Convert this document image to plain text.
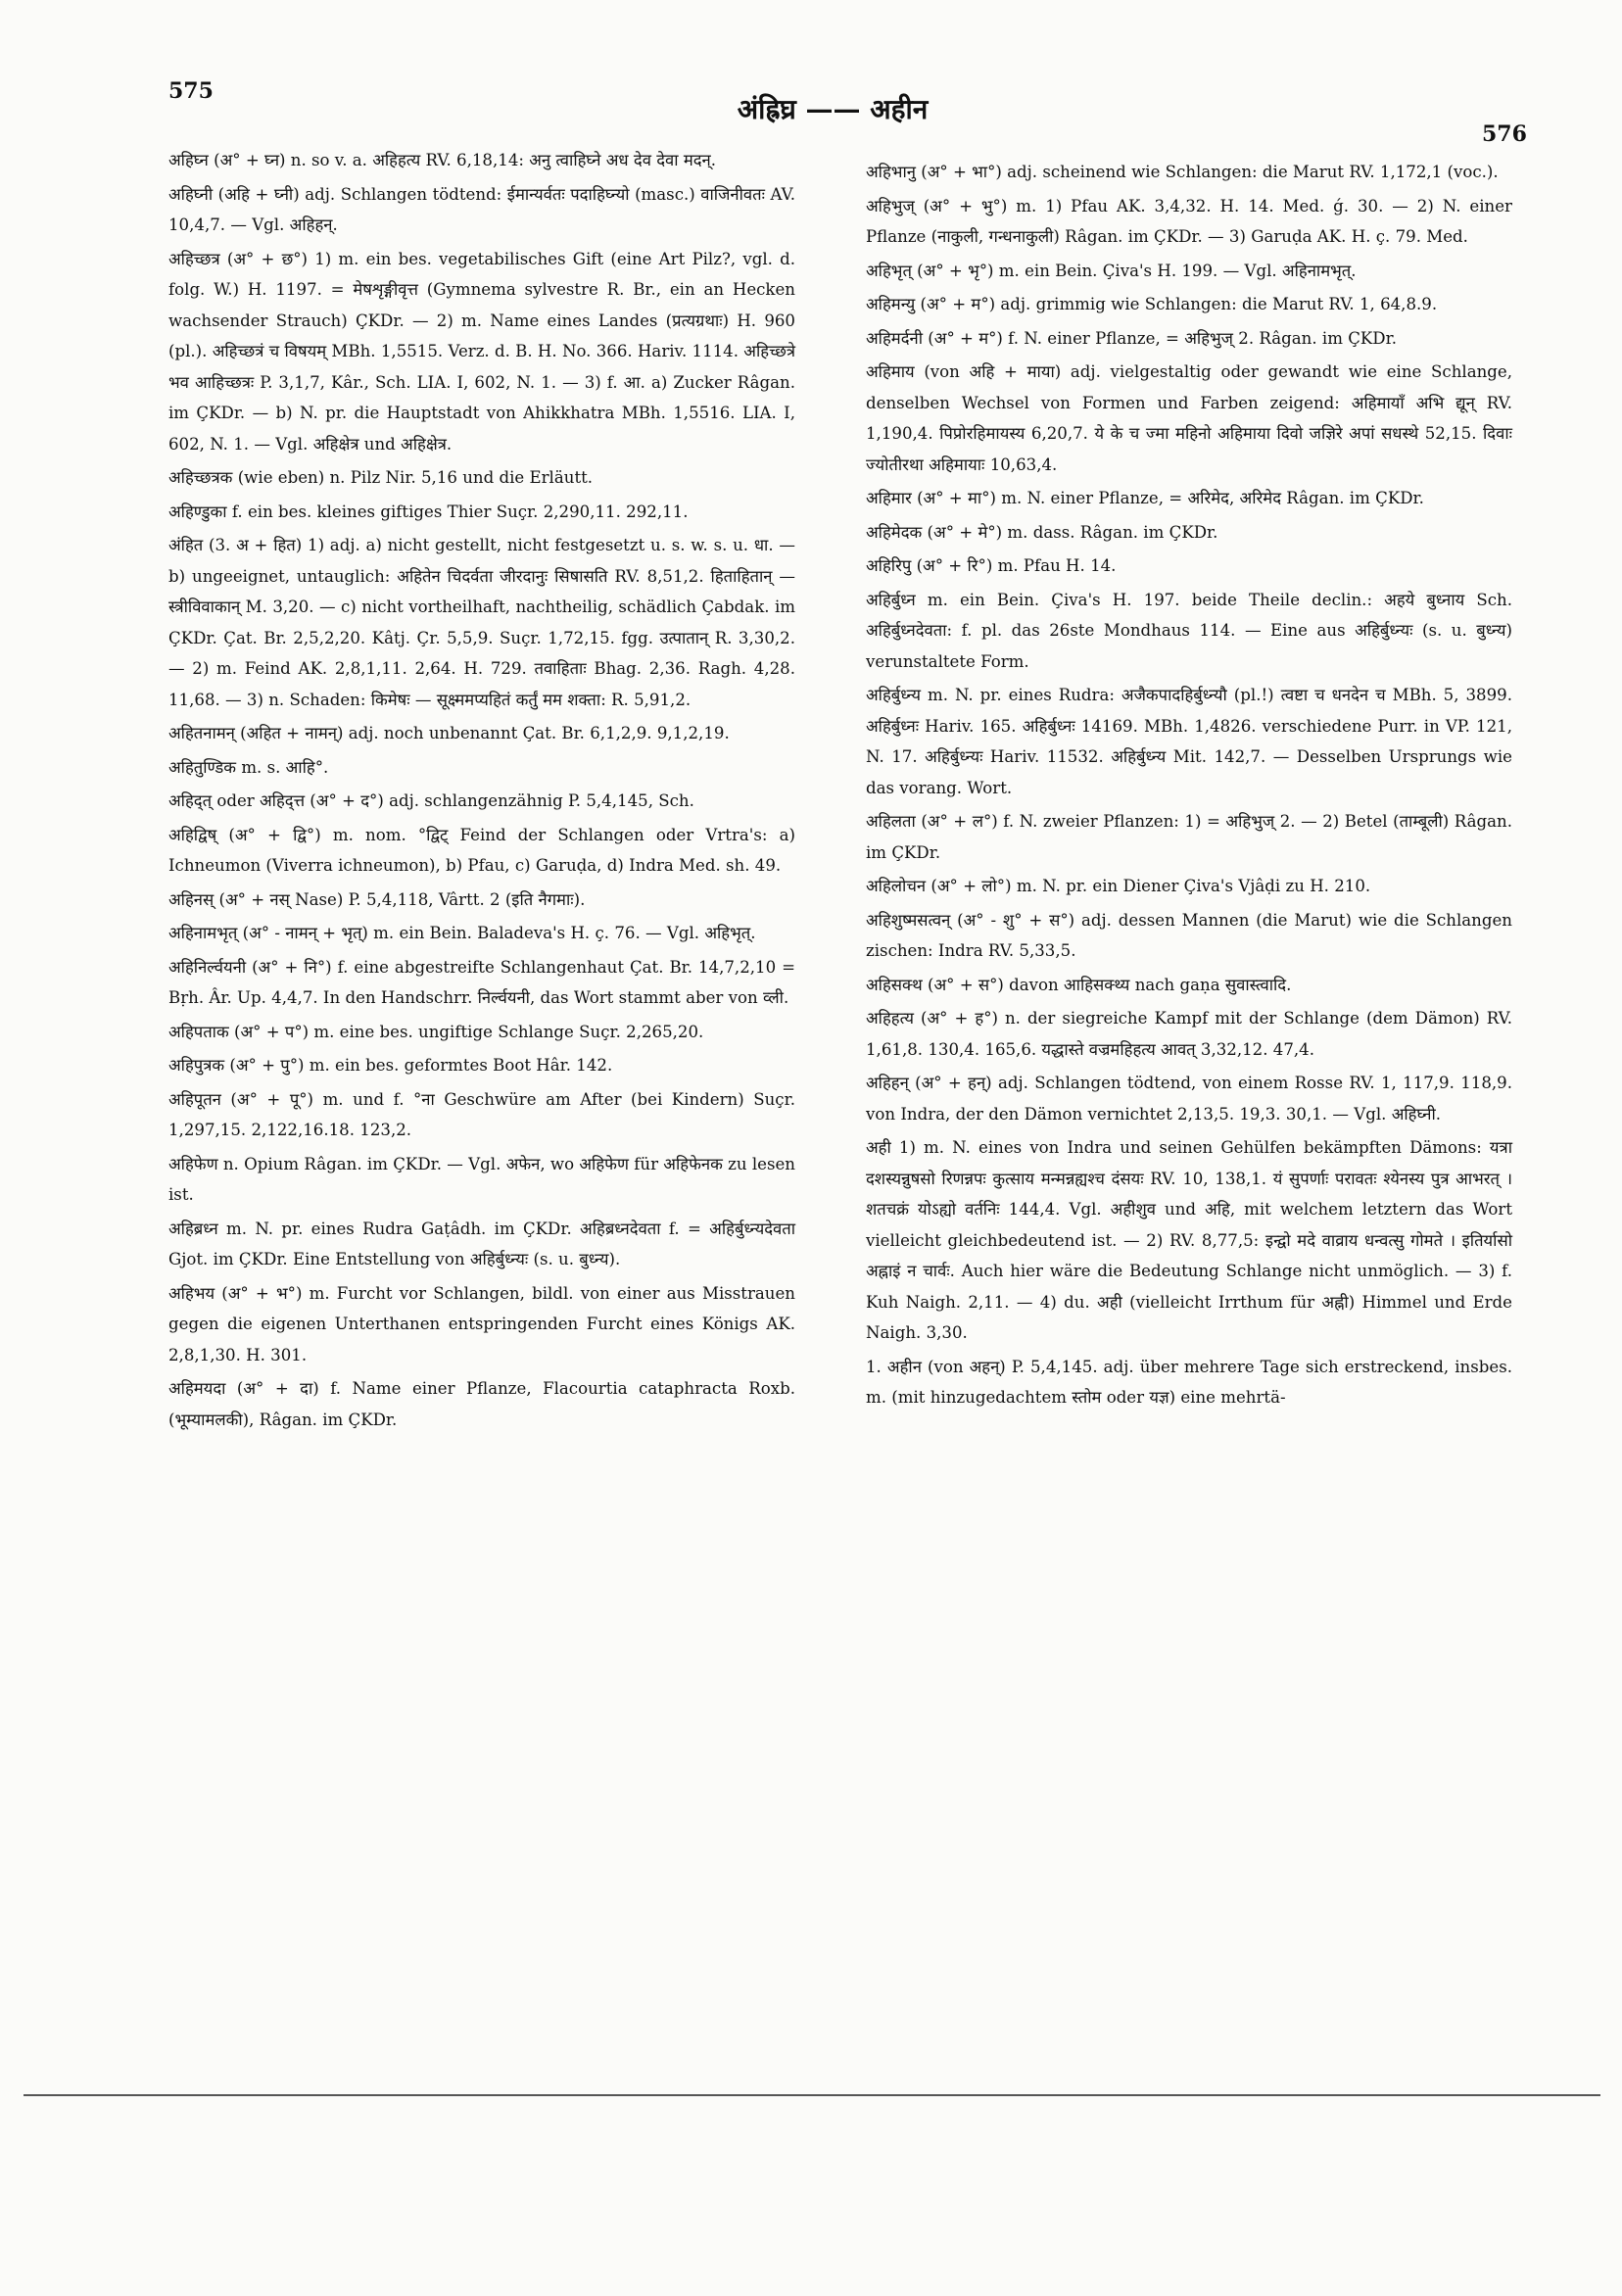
575
अंह्रिघ्र —— अहीन
576

अहिघ्न (अ° + घ्न) n. so v. a. अहिहत्य RV. 6,18,14: अनु त्वाहिघ्ने अध देव देवा मदन्.

अहिघ्नी (अहि + घ्नी) adj. Schlangen tödtend: ईमान्यर्वतः पदाहिघ्न्यो (masc.) वाजिनीवतः AV. 10,4,7. — Vgl. अहिहन्.

अहिच्छत्र (अ° + छ°) 1) m. ein bes. vegetabilisches Gift (eine Art Pilz?, vgl. d. folg. W.) H. 1197. = मेषशृङ्गीवृत्त (Gymnema sylvestre R. Br., ein an Hecken wachsender Strauch) ÇKDr. — 2) m. Name eines Landes (प्रत्यग्रथाः) H. 960 (pl.). अहिच्छत्रं च विषयम् MBh. 1,5515. Verz. d. B. H. No. 366. Hariv. 1114. अहिच्छत्रे भव आहिच्छत्रः P. 3,1,7, Kâr., Sch. LIA. I, 602, N. 1. — 3) f. आ. a) Zucker Râgan. im ÇKDr. — b) N. pr. die Hauptstadt von Ahikkhatra MBh. 1,5516. LIA. I, 602, N. 1. — Vgl. अहिक्षेत्र und अहिक्षेत्र.

अहिच्छत्रक (wie eben) n. Pilz Nir. 5,16 und die Erläutt.

अहिण्डुका f. ein bes. kleines giftiges Thier Suçr. 2,290,11. 292,11.

अंहित (3. अ + हित) 1) adj. a) nicht gestellt, nicht festgesetzt u. s. w. s. u. धा. — b) ungeeignet, untauglich: अहितेन चिदर्वता जीरदानुः सिषासति RV. 8,51,2. हिताहितान् — स्त्रीविवाकान् M. 3,20. — c) nicht vortheilhaft, nachtheilig, schädlich Çabdak. im ÇKDr. Çat. Br. 2,5,2,20. Kâtj. Çr. 5,5,9. Suçr. 1,72,15. fgg. उत्पातान् R. 3,30,2. — 2) m. Feind AK. 2,8,1,11. 2,64. H. 729. तवाहिताः Bhag. 2,36. Ragh. 4,28. 11,68. — 3) n. Schaden: किमेषः — सूक्ष्ममप्यहितं कर्तुं मम शक्ता: R. 5,91,2.

अहितनामन् (अहित + नामन्) adj. noch unbenannt Çat. Br. 6,1,2,9. 9,1,2,19.

अहितुण्डिक m. s. आहि°.

अहिद्त् oder अहिद्त्त (अ° + द°) adj. schlangenzähnig P. 5,4,145, Sch.

अहिद्विष् (अ° + द्वि°) m. nom. °द्विट् Feind der Schlangen oder Vrtra's: a) Ichneumon (Viverra ichneumon), b) Pfau, c) Garuḍa, d) Indra Med. sh. 49.

अहिनस् (अ° + नस् Nase) P. 5,4,118, Vârtt. 2 (इति नैगमाः).

अहिनामभृत् (अ° - नामन् + भृत्) m. ein Bein. Baladeva's H. ç. 76. — Vgl. अहिभृत्.

अहिनिर्ल्वयनी (अ° + नि°) f. eine abgestreifte Schlangenhaut Çat. Br. 14,7,2,10 = Bṛh. Âr. Up. 4,4,7. In den Handschrr. निर्ल्वयनी, das Wort stammt aber von व्ली.

अहिपताक (अ° + प°) m. eine bes. ungiftige Schlange Suçr. 2,265,20.

अहिपुत्रक (अ° + पु°) m. ein bes. geformtes Boot Hâr. 142.

अहिपूतन (अ° + पू°) m. und f. °ना Geschwüre am After (bei Kindern) Suçr. 1,297,15. 2,122,16.18. 123,2.

अहिफेण n. Opium Râgan. im ÇKDr. — Vgl. अफेन, wo अहिफेण für अहिफेनक zu lesen ist.

अहिब्रध्न m. N. pr. eines Rudra Gaṭâdh. im ÇKDr. अहिब्रध्नदेवता f. = अहिर्बुध्न्यदेवता Gjot. im ÇKDr. Eine Entstellung von अहिर्बुध्न्यः (s. u. बुध्न्य).

अहिभय (अ° + भ°) m. Furcht vor Schlangen, bildl. von einer aus Misstrauen gegen die eigenen Unterthanen entspringenden Furcht eines Königs AK. 2,8,1,30. H. 301.

अहिमयदा (अ° + दा) f. Name einer Pflanze, Flacourtia cataphracta Roxb. (भूम्यामलकी), Râgan. im ÇKDr.

अहिभानु (अ° + भा°) adj. scheinend wie Schlangen: die Marut RV. 1,172,1 (voc.).

अहिभुज् (अ° + भु°) m. 1) Pfau AK. 3,4,32. H. 14. Med. ǵ. 30. — 2) N. einer Pflanze (नाकुली, गन्धनाकुली) Râgan. im ÇKDr. — 3) Garuḍa AK. H. ç. 79. Med.

अहिभृत् (अ° + भृ°) m. ein Bein. Çiva's H. 199. — Vgl. अहिनामभृत्.

अहिमन्यु (अ° + म°) adj. grimmig wie Schlangen: die Marut RV. 1, 64,8.9.

अहिमर्दनी (अ° + म°) f. N. einer Pflanze, = अहिभुज् 2. Râgan. im ÇKDr.

अहिमाय (von अहि + माया) adj. vielgestaltig oder gewandt wie eine Schlange, denselben Wechsel von Formen und Farben zeigend: अहिमायाँ अभि द्यून् RV. 1,190,4. पिप्रोरहिमायस्य 6,20,7. ये के च ज्मा महिनो अहिमाया दिवो जज्ञिरे अपां सधस्थे 52,15. दिवाः ज्योतीरथा अहिमायाः 10,63,4.

अहिमार (अ° + मा°) m. N. einer Pflanze, = अरिमेद, अरिमेद Râgan. im ÇKDr.

अहिमेदक (अ° + मे°) m. dass. Râgan. im ÇKDr.

अहिरिपु (अ° + रि°) m. Pfau H. 14.

अहिर्बुध्न m. ein Bein. Çiva's H. 197. beide Theile declin.: अहये बुध्नाय Sch. अहिर्बुध्नदेवता: f. pl. das 26ste Mondhaus 114. — Eine aus अहिर्बुध्न्यः (s. u. बुध्न्य) verunstaltete Form.

अहिर्बुध्न्य m. N. pr. eines Rudra: अजैकपादहिर्बुध्न्यौ (pl.!) त्वष्टा च धनदेन च MBh. 5, 3899. अहिर्बुध्नः Hariv. 165. अहिर्बुध्नः 14169. MBh. 1,4826. verschiedene Purr. in VP. 121, N. 17. अहिर्बुध्न्यः Hariv. 11532. अहिर्बुध्न्य Mit. 142,7. — Desselben Ursprungs wie das vorang. Wort.

अहिलता (अ° + ल°) f. N. zweier Pflanzen: 1) = अहिभुज् 2. — 2) Betel (ताम्बूली) Râgan. im ÇKDr.

अहिलोचन (अ° + लो°) m. N. pr. ein Diener Çiva's Vjâḍi zu H. 210.

अहिशुष्मसत्वन् (अ° - शु° + स°) adj. dessen Mannen (die Marut) wie die Schlangen zischen: Indra RV. 5,33,5.

अहिसक्थ (अ° + स°) davon आहिसक्थ्य nach gaṇa सुवास्त्वादि.

अहिहत्य (अ° + ह°) n. der siegreiche Kampf mit der Schlange (dem Dämon) RV. 1,61,8. 130,4. 165,6. यद्धास्ते वज्रमहिहत्य आवत् 3,32,12. 47,4.

अहिहन् (अ° + हन्) adj. Schlangen tödtend, von einem Rosse RV. 1, 117,9. 118,9. von Indra, der den Dämon vernichtet 2,13,5. 19,3. 30,1. — Vgl. अहिघ्नी.

अही 1) m. N. eines von Indra und seinen Gehülfen bekämpften Dämons: यत्रा दशस्यन्नुषसो रिणन्नपः कुत्साय मन्मन्नह्यश्च दंसयः RV. 10, 138,1. यं सुपर्णाः परावतः श्येनस्य पुत्र आभरत् । शतचक्रं योऽह्यो वर्तनिः 144,4. Vgl. अहीशुव und अहि, mit welchem letztern das Wort vielleicht gleichbedeutend ist. — 2) RV. 8,77,5: इन्द्वो मदे वाव्राय धन्वत्सु गोमते । इतिर्यासो अह्नाइं न चार्वः. Auch hier wäre die Bedeutung Schlange nicht unmöglich. — 3) f. Kuh Naigh. 2,11. — 4) du. अही (vielleicht Irrthum für अह्नी) Himmel und Erde Naigh. 3,30.

1. अहीन (von अहन्) P. 5,4,145. adj. über mehrere Tage sich erstreckend, insbes. m. (mit hinzugedachtem स्तोम oder यज्ञ) eine mehrtä-
